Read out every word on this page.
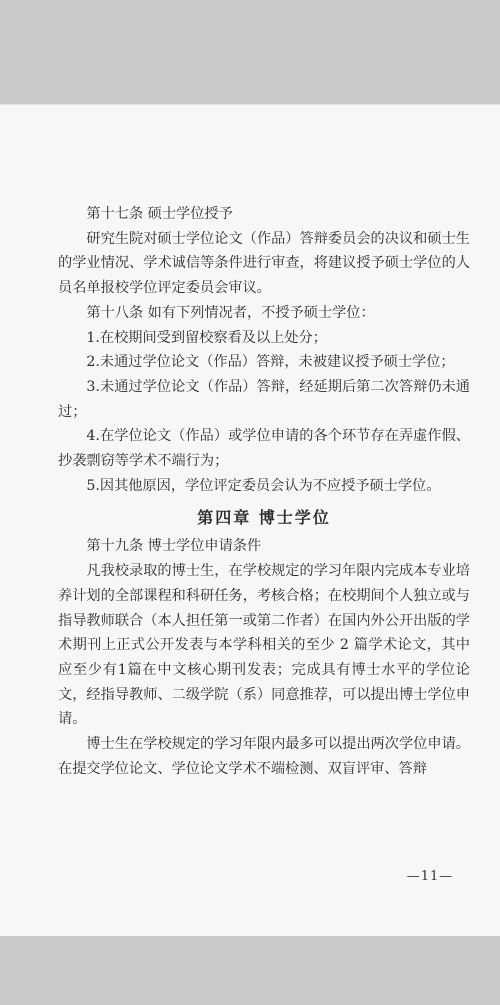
第十七条 硕士学位授予

研究生院对硕士学位论文（作品）答辩委员会的决议和硕士生的学业情况、学术诚信等条件进行审查，将建议授予硕士学位的人员名单报校学位评定委员会审议。

第十八条 如有下列情况者，不授予硕士学位：

1.在校期间受到留校察看及以上处分；

2.未通过学位论文（作品）答辩，未被建议授予硕士学位；

3.未通过学位论文（作品）答辩，经延期后第二次答辩仍未通过；

4.在学位论文（作品）或学位申请的各个环节存在弄虚作假、抄袭剽窃等学术不端行为；

5.因其他原因，学位评定委员会认为不应授予硕士学位。

第四章 博士学位

第十九条 博士学位申请条件

凡我校录取的博士生，在学校规定的学习年限内完成本专业培养计划的全部课程和科研任务，考核合格；在校期间个人独立或与指导教师联合（本人担任第一或第二作者）在国内外公开出版的学术期刊上正式公开发表与本学科相关的至少 2 篇学术论文，其中应至少有1篇在中文核心期刊发表；完成具有博士水平的学位论文，经指导教师、二级学院（系）同意推荐，可以提出博士学位申请。

博士生在学校规定的学习年限内最多可以提出两次学位申请。在提交学位论文、学位论文学术不端检测、双盲评审、答辩

—11—
